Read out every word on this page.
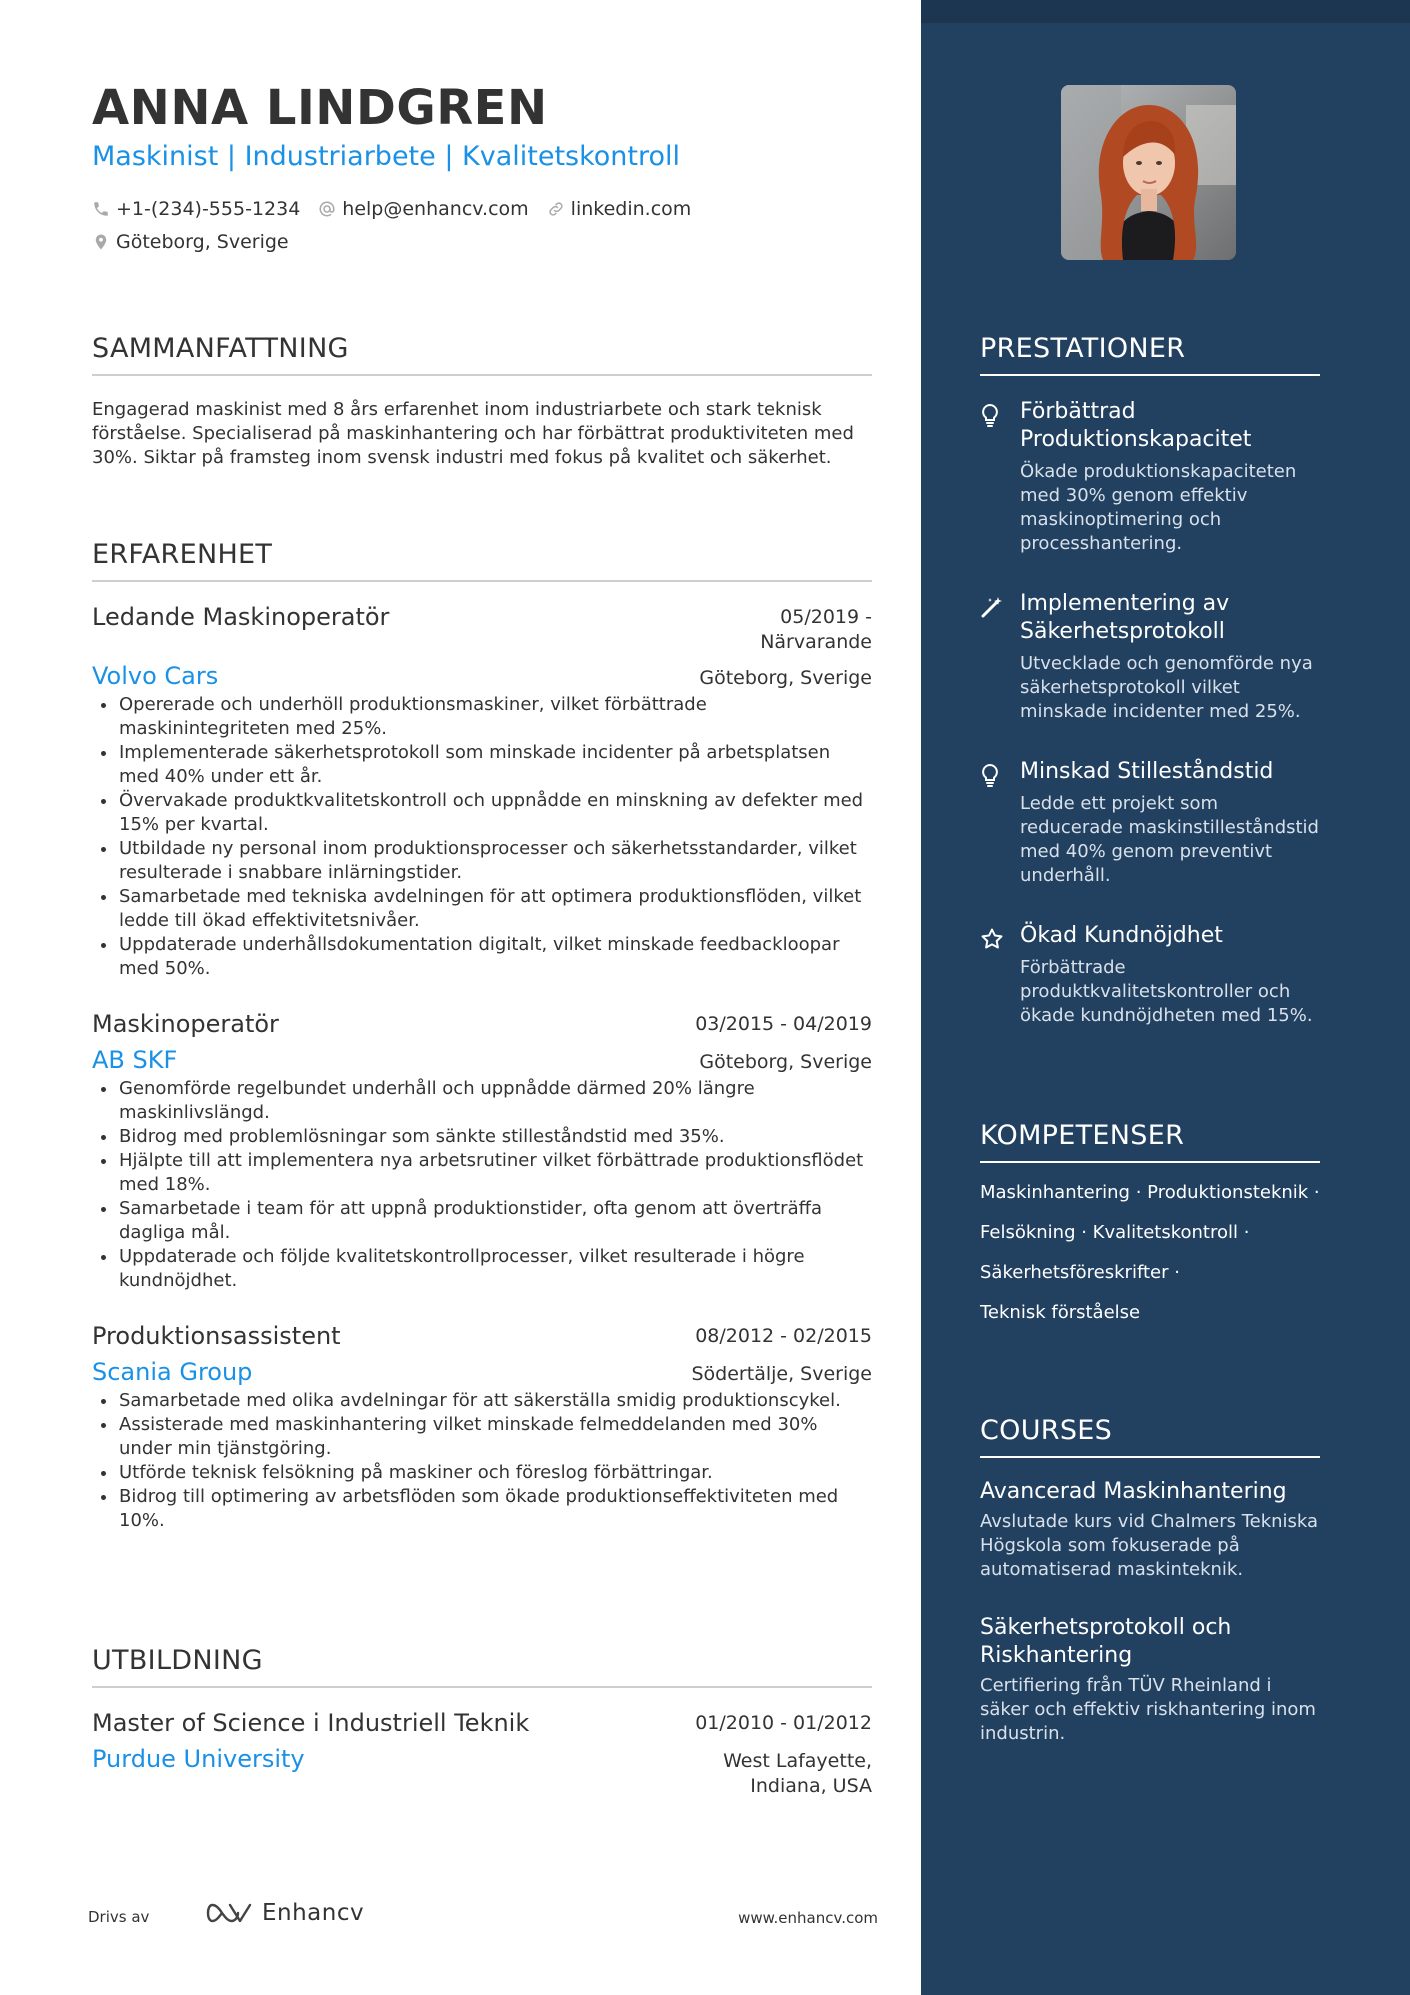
ANNA LINDGREN
Maskinist | Industriarbete | Kvalitetskontroll
+1-(234)-555-1234 help@enhancv.com linkedin.com
Göteborg, Sverige
SAMMANFATTNING

Engagerad maskinist med 8 års erfarenhet inom industriarbete och stark teknisk förståelse. Specialiserad på maskinhantering och har förbättrat produktiviteten med 30%. Siktar på framsteg inom svensk industri med fokus på kvalitet och säkerhet.

ERFARENHET
Ledande Maskinoperatör	05/2019 -
Närvarande
Volvo Cars	Göteborg, Sverige
Opererade och underhöll produktionsmaskiner, vilket förbättrade maskinintegriteten med 25%.
Implementerade säkerhetsprotokoll som minskade incidenter på arbetsplatsen med 40% under ett år.
Övervakade produktkvalitetskontroll och uppnådde en minskning av defekter med 15% per kvartal.
Utbildade ny personal inom produktionsprocesser och säkerhetsstandarder, vilket resulterade i snabbare inlärningstider.
Samarbetade med tekniska avdelningen för att optimera produktionsflöden, vilket ledde till ökad effektivitetsnivåer.
Uppdaterade underhållsdokumentation digitalt, vilket minskade feedbackloopar med 50%.
Maskinoperatör	03/2015 - 04/2019
AB SKF	Göteborg, Sverige
Genomförde regelbundet underhåll och uppnådde därmed 20% längre maskinlivslängd.
Bidrog med problemlösningar som sänkte stilleståndstid med 35%.
Hjälpte till att implementera nya arbetsrutiner vilket förbättrade produktionsflödet med 18%.
Samarbetade i team för att uppnå produktionstider, ofta genom att överträffa dagliga mål.
Uppdaterade och följde kvalitetskontrollprocesser, vilket resulterade i högre kundnöjdhet.
Produktionsassistent	08/2012 - 02/2015
Scania Group	Södertälje, Sverige
Samarbetade med olika avdelningar för att säkerställa smidig produktionscykel.
Assisterade med maskinhantering vilket minskade felmeddelanden med 30% under min tjänstgöring.
Utförde teknisk felsökning på maskiner och föreslog förbättringar.
Bidrog till optimering av arbetsflöden som ökade produktionseffektiviteten med 10%.
UTBILDNING
Master of Science i Industriell Teknik	01/2010 - 01/2012
Purdue University	West Lafayette,
Indiana, USA
Drivs av	Enhancv	www.enhancv.com
PRESTATIONER
Förbättrad Produktionskapacitet
Ökade produktionskapaciteten med 30% genom effektiv maskinoptimering och processhantering.
Implementering av Säkerhetsprotokoll
Utvecklade och genomförde nya säkerhetsprotokoll vilket minskade incidenter med 25%.
Minskad Stilleståndstid
Ledde ett projekt som reducerade maskinstilleståndstid med 40% genom preventivt underhåll.
Ökad Kundnöjdhet
Förbättrade produktkvalitetskontroller och ökade kundnöjdheten med 15%.
KOMPETENSER
Maskinhantering · Produktionsteknik ·
Felsökning · Kvalitetskontroll ·
Säkerhetsföreskrifter ·
Teknisk förståelse
COURSES
Avancerad Maskinhantering
Avslutade kurs vid Chalmers Tekniska Högskola som fokuserade på automatiserad maskinteknik.
Säkerhetsprotokoll och Riskhantering
Certifiering från TÜV Rheinland i säker och effektiv riskhantering inom industrin.
